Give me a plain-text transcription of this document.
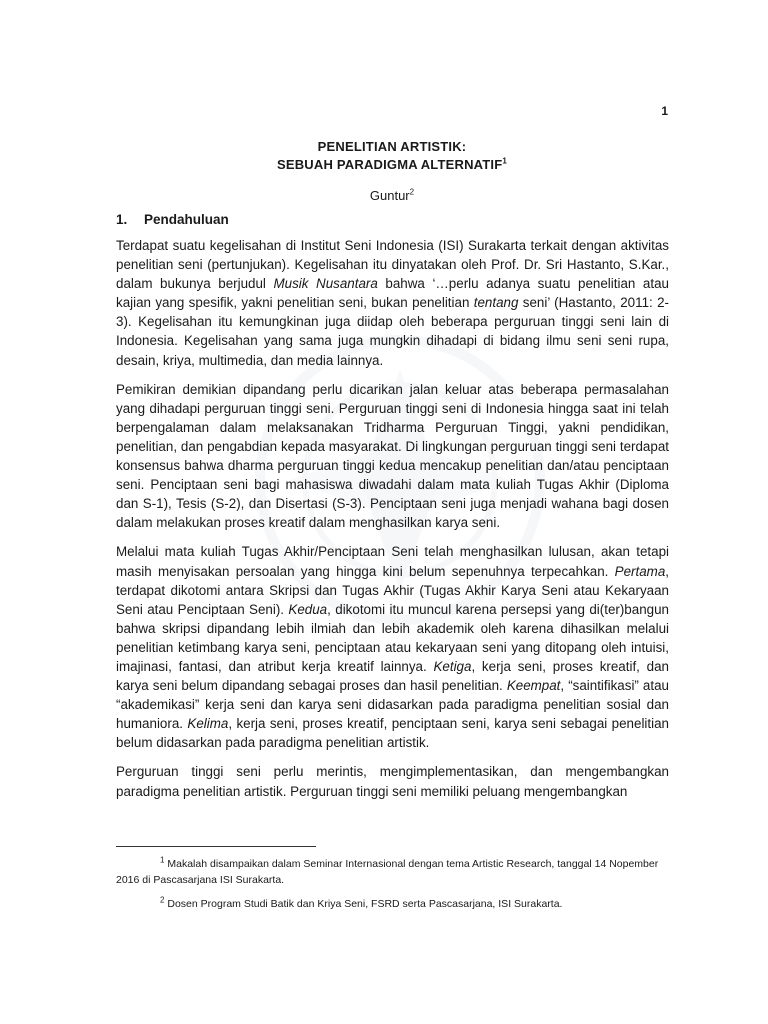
1
PENELITIAN ARTISTIK:
SEBUAH PARADIGMA ALTERNATIF$^1$
Guntur$^2$
1. Pendahuluan

Terdapat suatu kegelisahan di Institut Seni Indonesia (ISI) Surakarta terkait dengan aktivitas penelitian seni (pertunjukan). Kegelisahan itu dinyatakan oleh Prof. Dr. Sri Hastanto, S.Kar., dalam bukunya berjudul Musik Nusantara bahwa ‘…perlu adanya suatu penelitian atau kajian yang spesifik, yakni penelitian seni, bukan penelitian tentang seni’ (Hastanto, 2011: 2-3). Kegelisahan itu kemungkinan juga diidap oleh beberapa perguruan tinggi seni lain di Indonesia. Kegelisahan yang sama juga mungkin dihadapi di bidang ilmu seni seni rupa, desain, kriya, multimedia, dan media lainnya.

Pemikiran demikian dipandang perlu dicarikan jalan keluar atas beberapa permasalahan yang dihadapi perguruan tinggi seni. Perguruan tinggi seni di Indonesia hingga saat ini telah berpengalaman dalam melaksanakan Tridharma Perguruan Tinggi, yakni pendidikan, penelitian, dan pengabdian kepada masyarakat. Di lingkungan perguruan tinggi seni terdapat konsensus bahwa dharma perguruan tinggi kedua mencakup penelitian dan/atau penciptaan seni. Penciptaan seni bagi mahasiswa diwadahi dalam mata kuliah Tugas Akhir (Diploma dan S-1), Tesis (S-2), dan Disertasi (S-3). Penciptaan seni juga menjadi wahana bagi dosen dalam melakukan proses kreatif dalam menghasilkan karya seni.

Melalui mata kuliah Tugas Akhir/Penciptaan Seni telah menghasilkan lulusan, akan tetapi masih menyisakan persoalan yang hingga kini belum sepenuhnya terpecahkan. Pertama, terdapat dikotomi antara Skripsi dan Tugas Akhir (Tugas Akhir Karya Seni atau Kekaryaan Seni atau Penciptaan Seni). Kedua, dikotomi itu muncul karena persepsi yang di(ter)bangun bahwa skripsi dipandang lebih ilmiah dan lebih akademik oleh karena dihasilkan melalui penelitian ketimbang karya seni, penciptaan atau kekaryaan seni yang ditopang oleh intuisi, imajinasi, fantasi, dan atribut kerja kreatif lainnya. Ketiga, kerja seni, proses kreatif, dan karya seni belum dipandang sebagai proses dan hasil penelitian. Keempat, “saintifikasi” atau “akademikasi” kerja seni dan karya seni didasarkan pada paradigma penelitian sosial dan humaniora. Kelima, kerja seni, proses kreatif, penciptaan seni, karya seni sebagai penelitian belum didasarkan pada paradigma penelitian artistik.

Perguruan tinggi seni perlu merintis, mengimplementasikan, dan mengembangkan paradigma penelitian artistik. Perguruan tinggi seni memiliki peluang mengembangkan

$^1$ Makalah disampaikan dalam Seminar Internasional dengan tema Artistic Research, tanggal 14 Nopember 2016 di Pascasarjana ISI Surakarta.
$^2$ Dosen Program Studi Batik dan Kriya Seni, FSRD serta Pascasarjana, ISI Surakarta.
